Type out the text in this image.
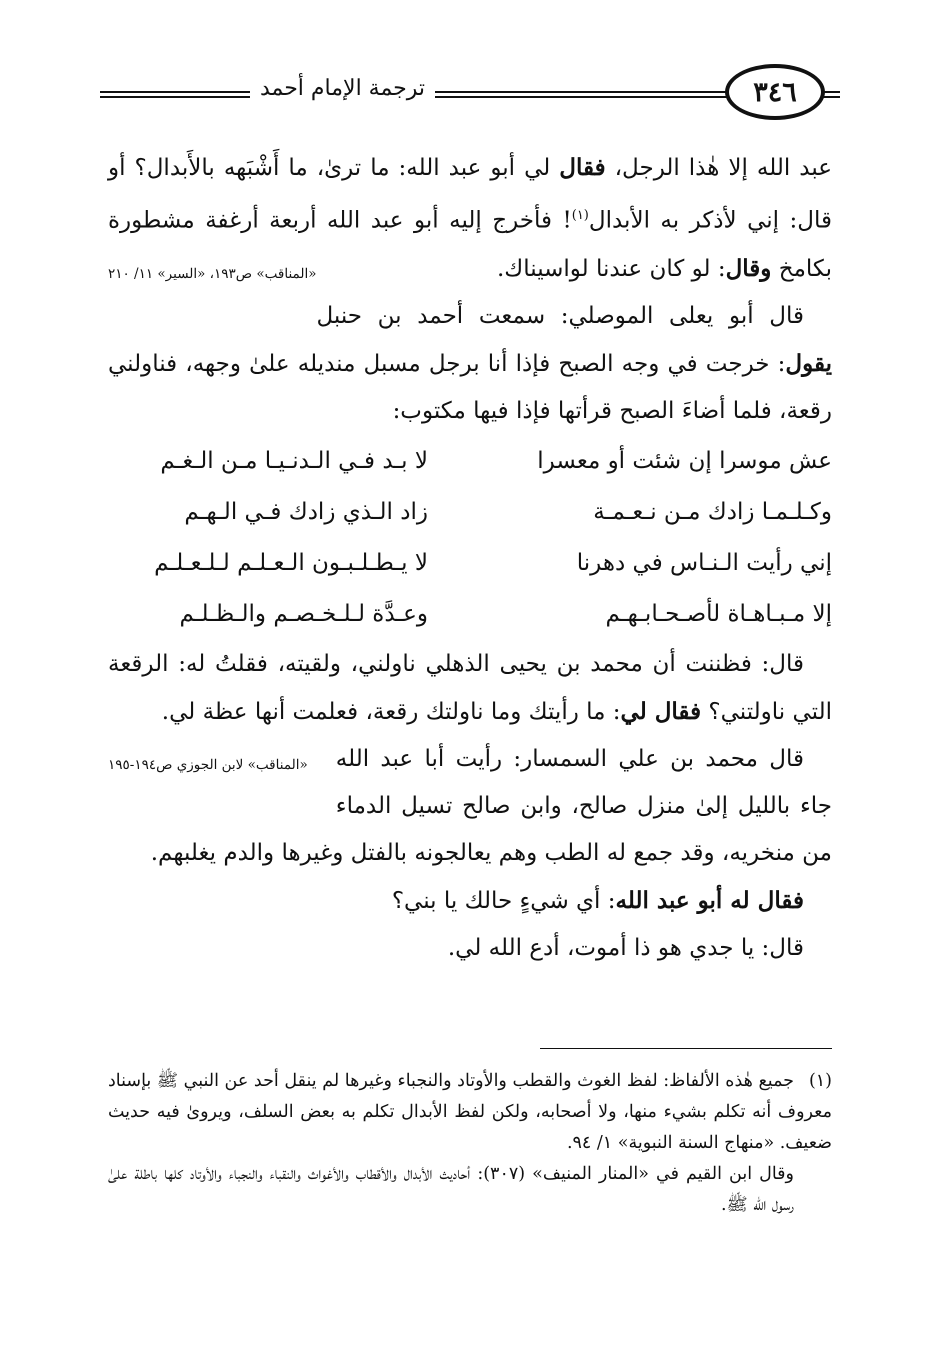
ترجمة الإمام أحمد	٣٤٦

عبد الله إلا هٰذا الرجل، فقال لي أبو عبد الله: ما ترىٰ، ما أَشْبَهه بالأَبدال؟ أو قال: إني لأذكر به الأبدال$^{(١)}$! فأخرج إليه أبو عبد الله أربعة أرغفة مشطورة بكامخ وقال: لو كان عندنا لواسيناك.
«المناقب» ص١٩٣، «السير» ١١/ ٢١٠

قال أبو يعلى الموصلي: سمعت أحمد بن حنبل يقول: خرجت في وجه الصبح فإذا أنا برجل مسبل منديله علىٰ وجهه، فناولني رقعة، فلما أضاءَ الصبح قرأتها فإذا فيها مكتوب:

عش موسرا إن شئت أو معسرا
لا بـد فـي الـدنـيـا مـن الـغـم
وكـلـمـا زادك مـن نـعـمـة
زاد الـذي زادك فـي الـهـم
إني رأيت الـنـاس في دهرنا
لا يـطـلـبـون الـعـلـم لـلـعـلـم
إلا مـبـاهـاة لأصـحـابـهـم
وعـدَّة لـلـخـصـم والـظـلـم

قال: فظننت أن محمد بن يحيى الذهلي ناولني، ولقيته، فقلتُ له: الرقعة التي ناولتني؟ فقال لي: ما رأيتك وما ناولتك رقعة، فعلمت أنها عظة لي.
«المناقب» لابن الجوزي ص١٩٤-١٩٥	قال محمد بن علي السمسار: رأيت أبا عبد الله جاء بالليل إلىٰ منزل صالح، وابن صالح تسيل الدماء من منخريه، وقد جمع له الطب وهم يعالجونه بالفتل وغيرها والدم يغلبهم.

فقال له أبو عبد الله: أي شيءٍ حالك يا بني؟

قال: يا جدي هو ذا أموت، أدع الله لي.

(١)جميع هٰذه الألفاظ: لفظ الغوث والقطب والأوتاد والنجباء وغيرها لم ينقل أحد عن النبي ﷺ بإسناد معروف أنه تكلم بشيء منها، ولا أصحابه، ولكن لفظ الأبدال تكلم به بعض السلف، ويروىٰ فيه حديث ضعيف. «منهاج السنة النبوية» ١/ ٩٤.

وقال ابن القيم في «المنار المنيف» (٣٠٧): أحاديث الأبدال والأقطاب والأغواث والنقباء والنجباء والأوتاد كلها باطلة علىٰ رسول الله ﷺ.
